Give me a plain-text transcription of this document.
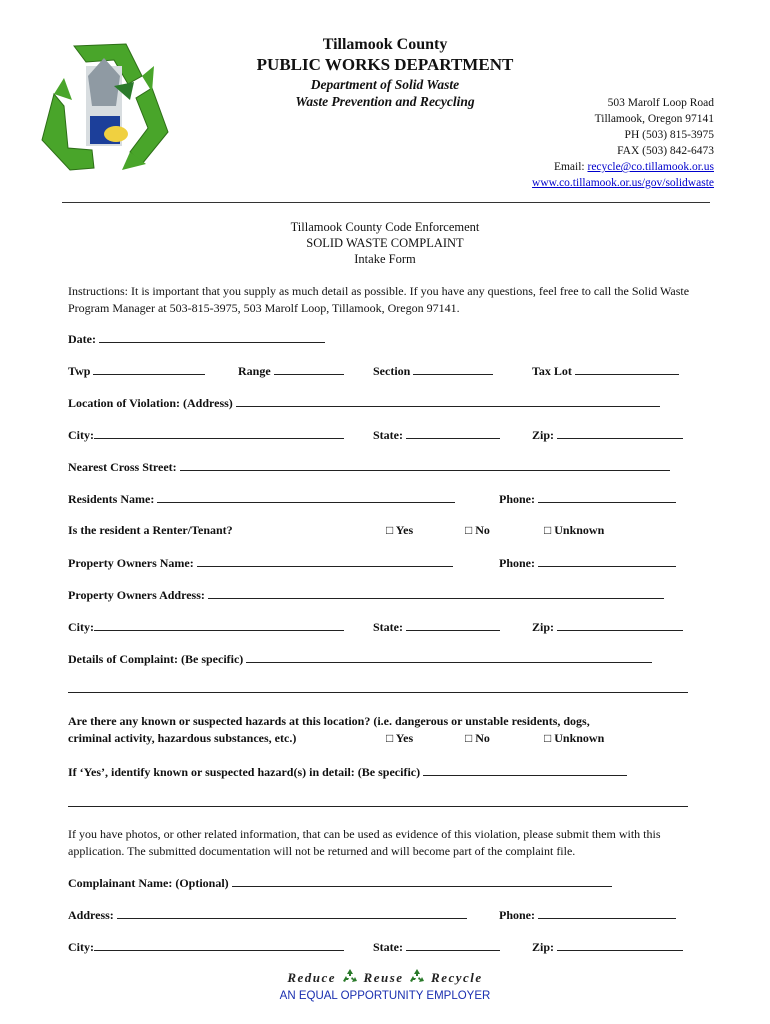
Tillamook County
PUBLIC WORKS DEPARTMENT
Department of Solid Waste
Waste Prevention and Recycling	503 Marolf Loop Road
Tillamook, Oregon 97141
PH (503) 815-3975
FAX (503) 842-6473
Email: recycle@co.tillamook.or.us
www.co.tillamook.or.us/gov/solidwaste
Tillamook County Code Enforcement
SOLID WASTE COMPLAINT
Intake Form
Instructions: It is important that you supply as much detail as possible. If you have any questions, feel free to call the Solid Waste Program Manager at 503-815-3975, 503 Marolf Loop, Tillamook, Oregon 97141.
Date:
Twp	Range	Section	Tax Lot
Location of Violation: (Address)
City:	State:	Zip:
Nearest Cross Street:
Residents Name:	Phone:
Is the resident a Renter/Tenant?	□ Yes	□ No	□ Unknown
Property Owners Name:	Phone:
Property Owners Address:
City:	State:	Zip:
Details of Complaint: (Be specific)
Are there any known or suspected hazards at this location? (i.e. dangerous or unstable residents, dogs,
criminal activity, hazardous substances, etc.)	□ Yes	□ No	□ Unknown
If ‘Yes’, identify known or suspected hazard(s) in detail: (Be specific)
If you have photos, or other related information, that can be used as evidence of this violation, please submit them with this application. The submitted documentation will not be returned and will become part of the complaint file.
Complainant Name: (Optional)
Address:	Phone:
City:	State:	Zip:
Reduce Reuse Recycle
AN EQUAL OPPORTUNITY EMPLOYER
